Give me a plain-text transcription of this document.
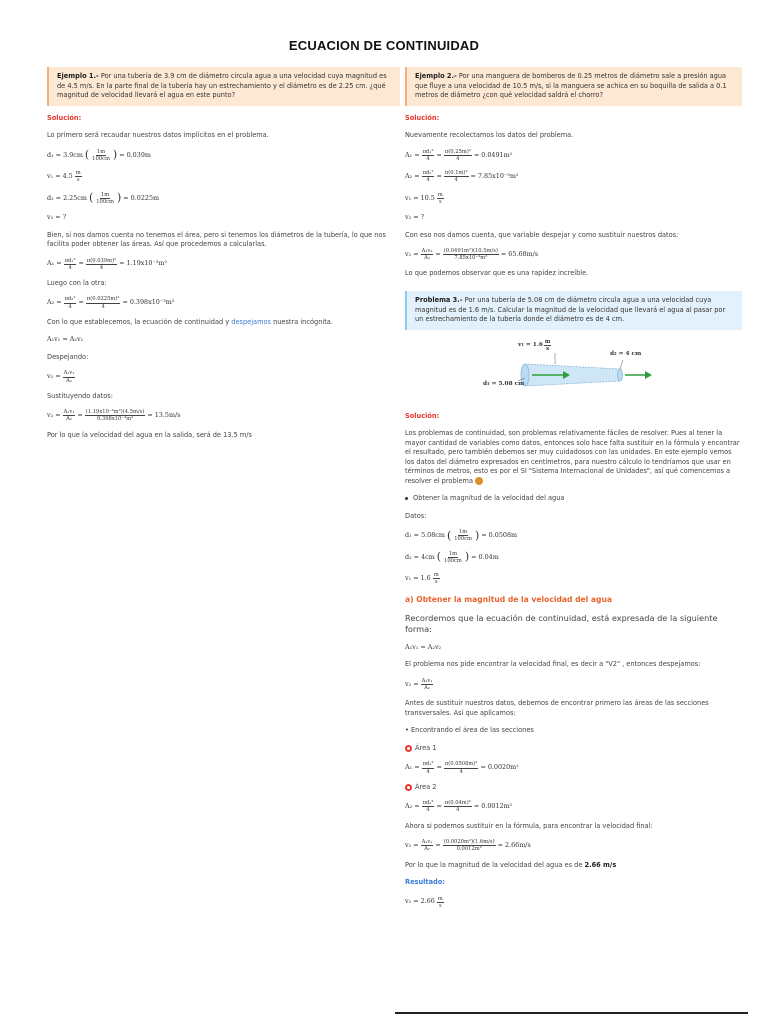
ECUACION DE CONTINUIDAD
Ejemplo 1.- Por una tubería de 3.9 cm de diámetro circula agua a una velocidad cuya magnitud es de 4.5 m/s. En la parte final de la tubería hay un estrechamiento y el diámetro es de 2.25 cm. ¿qué magnitud de velocidad llevará el agua en este punto?
Solución:

Lo primero será recaudar nuestros datos implícitos en el problema.

d₁ = 3.9cm ( $\frac{1m}{100cm}$ ) = 0.039m
$v_1 = 4.5 \frac{m}{s}$
d₂ = 2.25cm ( $\frac{1m}{100cm}$ ) = 0.0225m
v₂ = ?

Bien, si nos damos cuenta no tenemos el área, pero si tenemos los diámetros de la tubería, lo que nos facilita poder obtener las áreas. Así que procedemos a calcularlas.

$A_1 = \frac{\text{πd₁²}}{4} = \frac{\text{π(0.039m)²}}{4} = 1.19x10^{-3}m^2$

Luego con la otra:

$A_2 = \frac{\text{πd₂²}}{4} = \frac{\text{π(0.0225m)²}}{4} = 0.398x10^{-3}m^2$

Con lo que establecemos, la ecuación de continuidad y despejamos nuestra incógnita.

A₁v₁ = A₂v₂

Despejando:

$v_2 = \frac{\text{A₁v₁}}{\text{A₂}}$

Sustituyendo datos:

$v_2 = \frac{\text{A₁v₁}}{\text{A₂}} = \frac{\text{(1.19x10⁻³m²)(4.5m/s)}}{\text{0.398x10⁻³m²}} = 13.5m/s$

Por lo que la velocidad del agua en la salida, será de 13.5 m/s

Ejemplo 2.- Por una manguera de bomberos de 0.25 metros de diámetro sale a presión agua que fluye a una velocidad de 10.5 m/s, si la manguera se achica en su boquilla de salida a 0.1 metros de diámetro ¿con qué velocidad saldrá el chorro?
Solución:

Nuevamente recolectamos los datos del problema.

$A_1 = \frac{\text{πd₁²}}{4} = \frac{\text{π(0.25m)²}}{4} = 0.0491m^2$
$A_2 = \frac{\text{πd₂²}}{4} = \frac{\text{π(0.1m)²}}{4} = 7.85x10^{-3}m^2$
$v_1 = 10.5 \frac{m}{s}$
v₂ = ?

Con eso nos damos cuenta, que variable despejar y como sustituir nuestros datos:

$v_2 = \frac{\text{A₁v₁}}{\text{A₂}} = \frac{\text{(0.0491m²)(10.5m/s)}}{\text{7.85x10⁻³m²}} = 65.68m/s$

Lo que podemos observar que es una rapidez increíble.

Problema 3.- Por una tubería de 5.08 cm de diámetro circula agua a una velocidad cuya magnitud es de 1.6 m/s. Calcular la magnitud de la velocidad que llevará el agua al pasar por un estrechamiento de la tubería donde el diámetro es de 4 cm.
$v_1 = 1.6 \frac{m}{s}$
d₂ = 4 cm
d₁ = 5.08 cm
Solución:

Los problemas de continuidad, son problemas relativamente fáciles de resolver. Pues al tener la mayor cantidad de variables como datos, entonces solo hace falta sustituir en la fórmula y encontrar el resultado, pero también debemos ser muy cuidadosos con las unidades. En este ejemplo vemos los datos del diámetro expresados en centímetros, para nuestro cálculo lo tendríamos que usar en términos de metros, esto es por el SI "Sistema Internacional de Unidades", así qué comencemos a resolver el problema

Obtener la magnitud de la velocidad del agua

Datos:

d₁ = 5.08cm ( $\frac{1m}{100cm}$ ) = 0.0508m
d₂ = 4cm ( $\frac{1m}{100cm}$ ) = 0.04m
$v_1 = 1.6 \frac{m}{s}$
a) Obtener la magnitud de la velocidad del agua

Recordemos que la ecuación de continuidad, está expresada de la siguiente forma:

A₁v₁ = A₂v₂

El problema nos pide encontrar la velocidad final, es decir a "V2" , entonces despejamos:

$v_2 = \frac{\text{A₁v₁}}{\text{A₂}}$

Antes de sustituir nuestros datos, debemos de encontrar primero las áreas de las secciones transversales. Así que aplicamos:

• Encontrando el área de las secciones

Área 1
$A_1 = \frac{\text{πd₁²}}{4} = \frac{\text{π(0.0508m)²}}{4} = 0.0020m^2$
Área 2
$A_2 = \frac{\text{πd₂²}}{4} = \frac{\text{π(0.04m)²}}{4} = 0.0012m^2$

Ahora si podemos sustituir en la fórmula, para encontrar la velocidad final:

$v_2 = \frac{\text{A₁v₁}}{\text{A₂}} = \frac{\text{(0.0020m²)(1.6m/s)}}{\text{0.0012m²}} = 2.66m/s$

Por lo que la magnitud de la velocidad del agua es de 2.66 m/s

Resultado:
$v_2 = 2.66 \frac{m}{s}$
